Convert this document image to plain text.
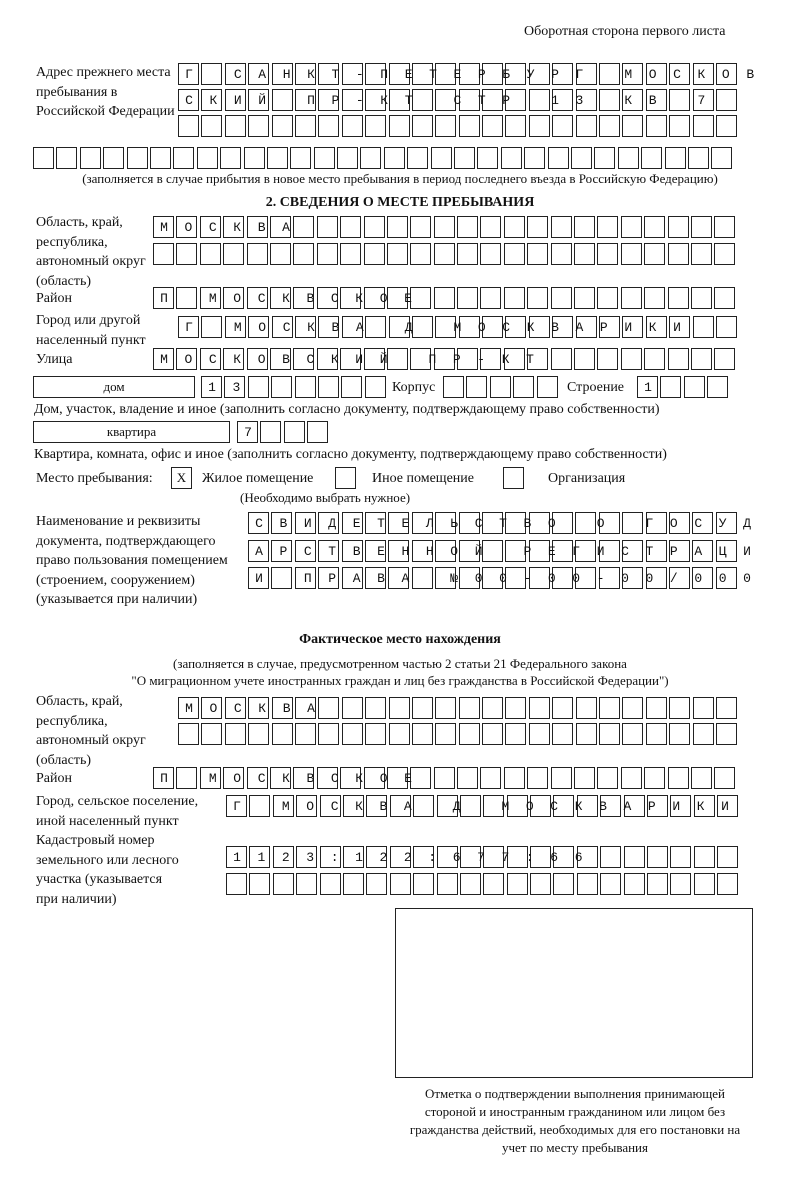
Оборотная сторона первого листа
Адрес прежнего места пребывания в Российской Федерации
Г САНКТ-ПЕТЕРБУРГ МОСКОВ
СКИЙ ПР-КТ СТР 13 КВ 7
(заполняется в случае прибытия в новое место пребывания в период последнего въезда в Российскую Федерацию)
2. СВЕДЕНИЯ О МЕСТЕ ПРЕБЫВАНИЯ
Область, край, республика, автономный округ (область)
МОСКВА
Район	П МОСКВСКОЕ
Город или другой населенный пункт
Г МОСКВА Д МОСКВАРИКИ
Улица	МОСКОВСКИЙ ПР-КТ
дом	13	Корпус	Строение 1
Дом, участок, владение и иное (заполнить согласно документу, подтверждающему право собственности)
квартира	7
Квартира, комната, офис и иное (заполнить согласно документу, подтверждающему право собственности)
Место пребывания:	X	Жилое помещение	Иное помещение	Организация
(Необходимо выбрать нужное)
Наименование и реквизиты документа, подтверждающего право пользования помещением (строением, сооружением) (указывается при наличии)
СВИДЕТЕЛЬСТВО О ГОСУД
АРСТВЕННОЙ РЕГИСТРАЦИ
И ПРАВА №00-00-00/000
Фактическое место нахождения
(заполняется в случае, предусмотренном частью 2 статьи 21 Федерального закона
"О миграционном учете иностранных граждан и лиц без гражданства в Российской Федерации")
Область, край, республика, автономный округ (область)
МОСКВА
Район	П МОСКВСКОЕ
Город, сельское поселение, иной населенный пункт
Г МОСКВА Д МОСКВАРИКИ
Кадастровый номер земельного или лесного участка (указывается при наличии)
1123:122:677:66
Отметка о подтверждении выполнения принимающей стороной и иностранным гражданином или лицом без гражданства действий, необходимых для его постановки на учет по месту пребывания
